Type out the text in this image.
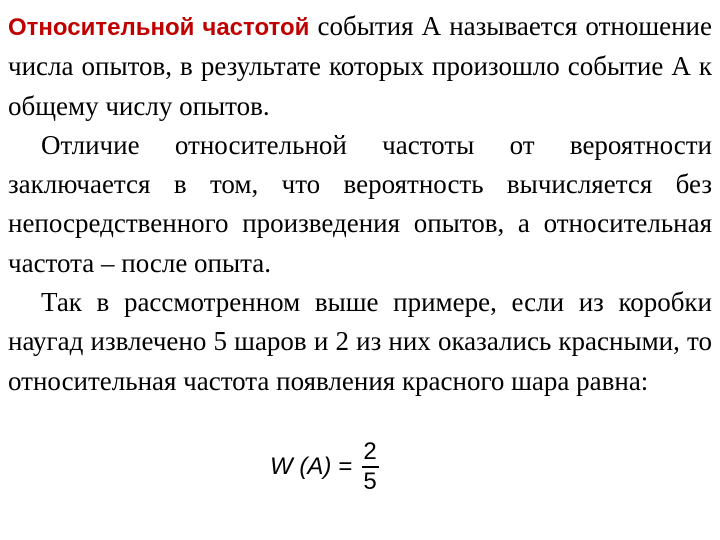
Относительной частотой события А называется отношение числа опытов, в результате которых произошло событие А к общему числу опытов.

Отличие относительной частоты от вероятности заключается в том, что вероятность вычисляется без непосредственного произведения опытов, а относительная частота – после опыта.

Так в рассмотренном выше примере, если из коробки наугад извлечено 5 шаров и 2 из них оказались красными, то относительная частота появления красного шара равна:

W $(A) = \frac{2}{5}$
